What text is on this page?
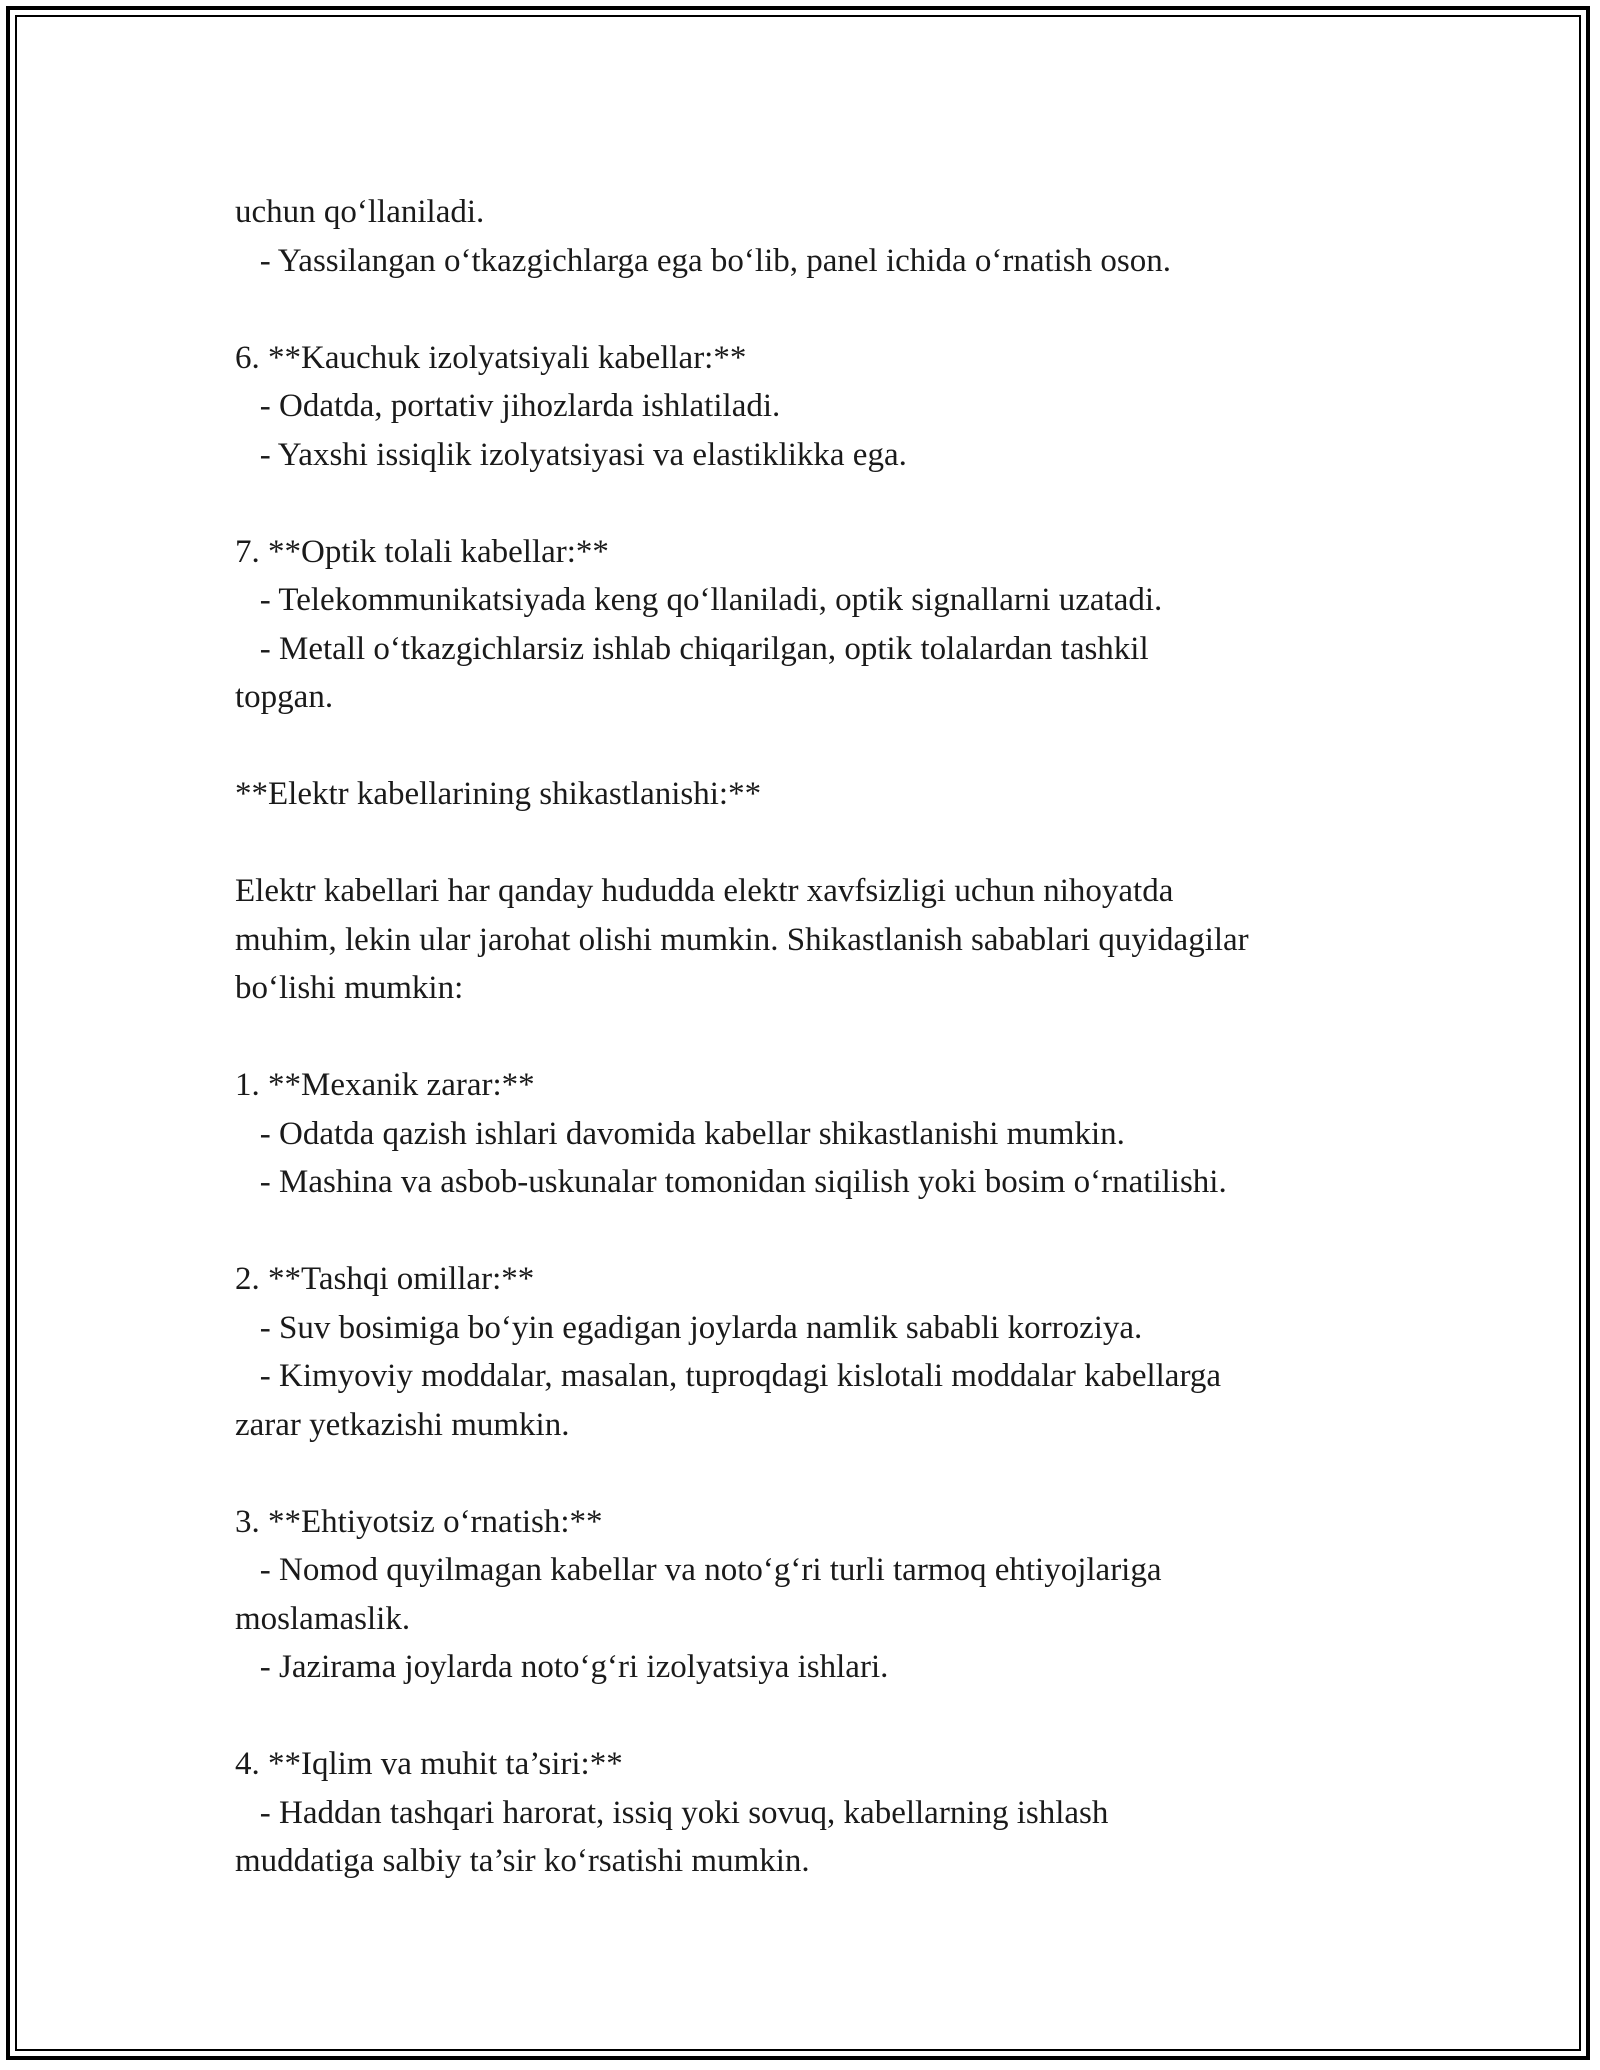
uchun qo‘llaniladi.
- Yassilangan o‘tkazgichlarga ega bo‘lib, panel ichida o‘rnatish oson.
6. **Kauchuk izolyatsiyali kabellar:**
- Odatda, portativ jihozlarda ishlatiladi.
- Yaxshi issiqlik izolyatsiyasi va elastiklikka ega.
7. **Optik tolali kabellar:**
- Telekommunikatsiyada keng qo‘llaniladi, optik signallarni uzatadi.
- Metall o‘tkazgichlarsiz ishlab chiqarilgan, optik tolalardan tashkil
topgan.
**Elektr kabellarining shikastlanishi:**
Elektr kabellari har qanday hududda elektr xavfsizligi uchun nihoyatda
muhim, lekin ular jarohat olishi mumkin. Shikastlanish sabablari quyidagilar
bo‘lishi mumkin:
1. **Mexanik zarar:**
- Odatda qazish ishlari davomida kabellar shikastlanishi mumkin.
- Mashina va asbob-uskunalar tomonidan siqilish yoki bosim o‘rnatilishi.
2. **Tashqi omillar:**
- Suv bosimiga bo‘yin egadigan joylarda namlik sababli korroziya.
- Kimyoviy moddalar, masalan, tuproqdagi kislotali moddalar kabellarga
zarar yetkazishi mumkin.
3. **Ehtiyotsiz o‘rnatish:**
- Nomod quyilmagan kabellar va noto‘g‘ri turli tarmoq ehtiyojlariga
moslamaslik.
- Jazirama joylarda noto‘g‘ri izolyatsiya ishlari.
4. **Iqlim va muhit ta’siri:**
- Haddan tashqari harorat, issiq yoki sovuq, kabellarning ishlash
muddatiga salbiy ta’sir ko‘rsatishi mumkin.
